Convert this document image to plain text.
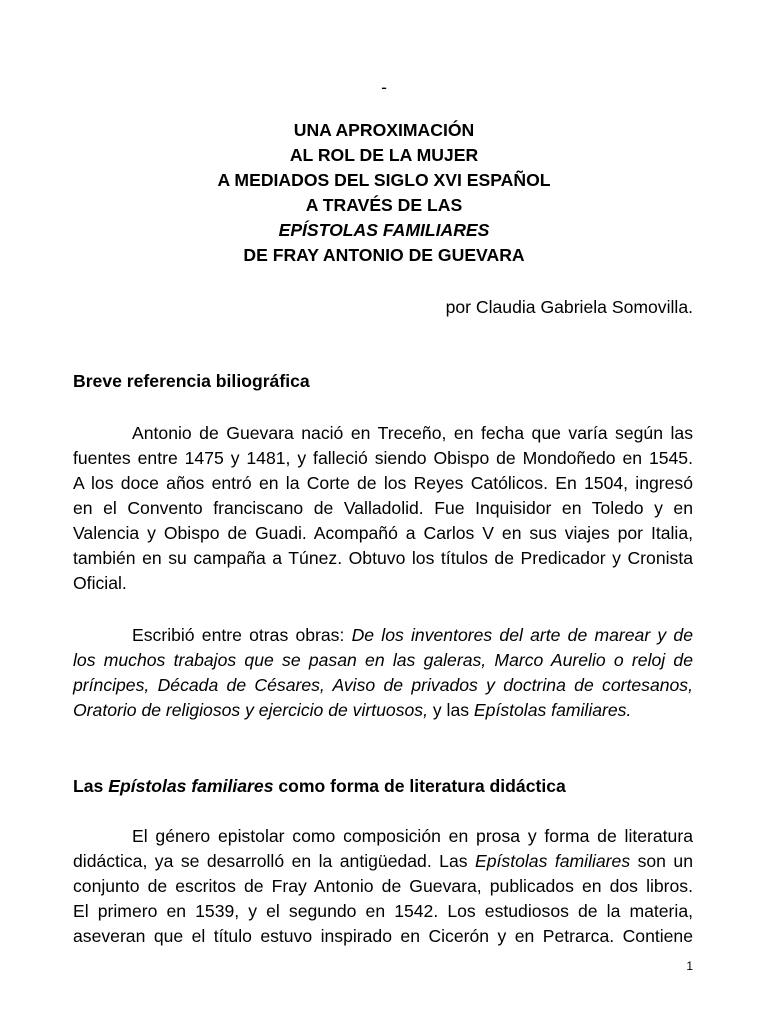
-
UNA APROXIMACIÓN
AL ROL DE LA MUJER
A MEDIADOS DEL SIGLO XVI ESPAÑOL
A TRAVÉS DE LAS
EPÍSTOLAS FAMILIARES
DE FRAY ANTONIO DE GUEVARA
por Claudia Gabriela Somovilla.
Breve referencia biliográfica
Antonio de Guevara nació en Treceño, en fecha que varía según las
fuentes entre 1475 y 1481, y falleció siendo Obispo de Mondoñedo en 1545.
A los doce años entró en la Corte de los Reyes Católicos. En 1504, ingresó
en el Convento franciscano de Valladolid. Fue Inquisidor en Toledo y en
Valencia y Obispo de Guadi. Acompañó a Carlos V en sus viajes por Italia,
también en su campaña a Túnez. Obtuvo los títulos de Predicador y Cronista
Oficial.
Escribió entre otras obras: De los inventores del arte de marear y de
los muchos trabajos que se pasan en las galeras, Marco Aurelio o reloj de
príncipes, Década de Césares, Aviso de privados y doctrina de cortesanos,
Oratorio de religiosos y ejercicio de virtuosos, y las Epístolas familiares.
Las Epístolas familiares como forma de literatura didáctica
El género epistolar como composición en prosa y forma de literatura
didáctica, ya se desarrolló en la antigüedad. Las Epístolas familiares son un
conjunto de escritos de Fray Antonio de Guevara, publicados en dos libros.
El primero en 1539, y el segundo en 1542. Los estudiosos de la materia,
aseveran que el título estuvo inspirado en Cicerón y en Petrarca. Contiene
1
